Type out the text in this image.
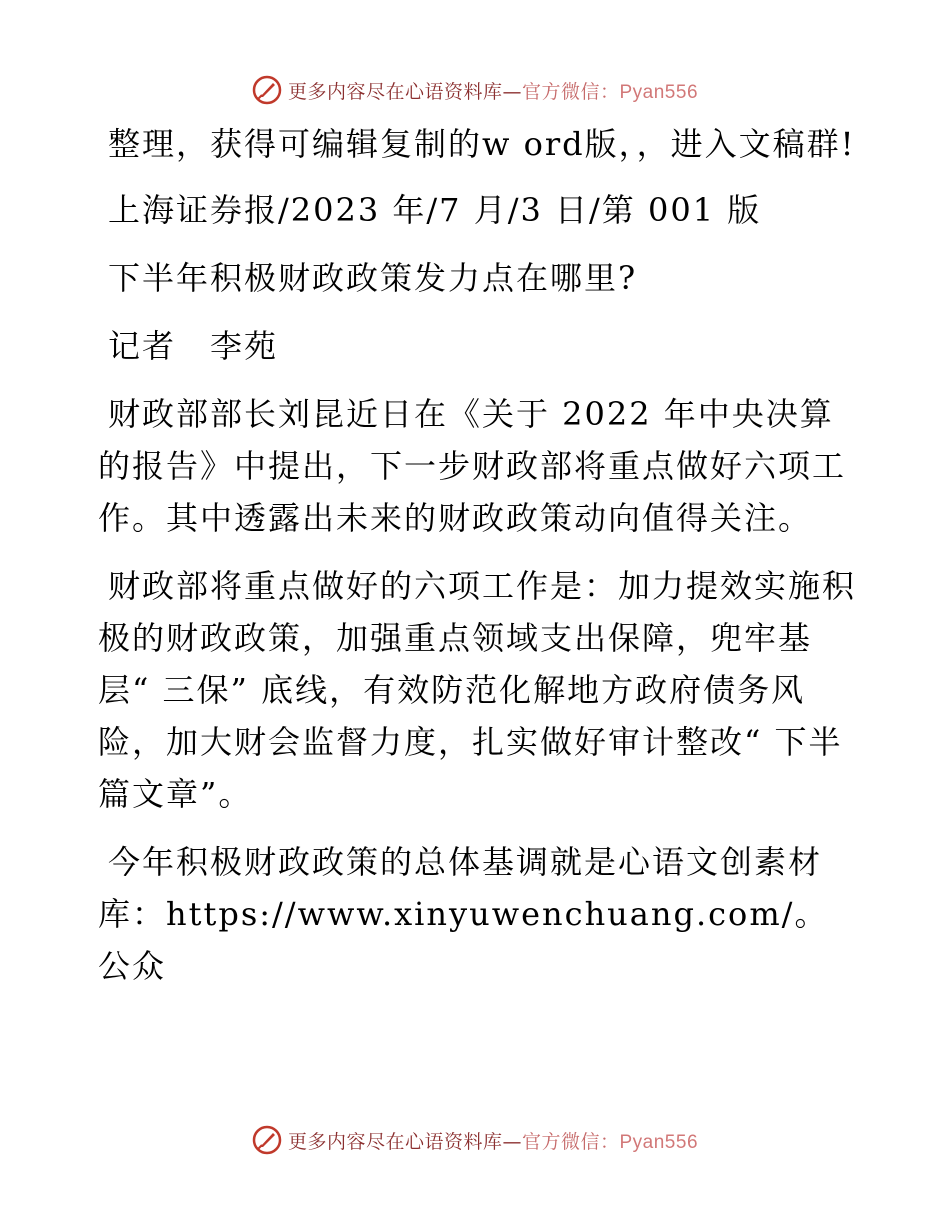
更多内容尽在心语资料库—官方微信：Pyan556

整理，获得可编辑复制的w ord版，，进入文稿群!

上海证券报/2023 年/7 月/3 日/第 001 版

下半年积极财政政策发力点在哪里?

记者　李苑

财政部部长刘昆近日在《关于 2022 年中央决算的报告》中提出，下一步财政部将重点做好六项工作。其中透露出未来的财政政策动向值得关注。

财政部将重点做好的六项工作是：加力提效实施积极的财政政策，加强重点领域支出保障，兜牢基层“ 三保” 底线，有效防范化解地方政府债务风险，加大财会监督力度，扎实做好审计整改“ 下半篇文章”。

今年积极财政政策的总体基调就是心语文创素材库：https://www.xinyuwenchuang.com/。公众

更多内容尽在心语资料库—官方微信：Pyan556
